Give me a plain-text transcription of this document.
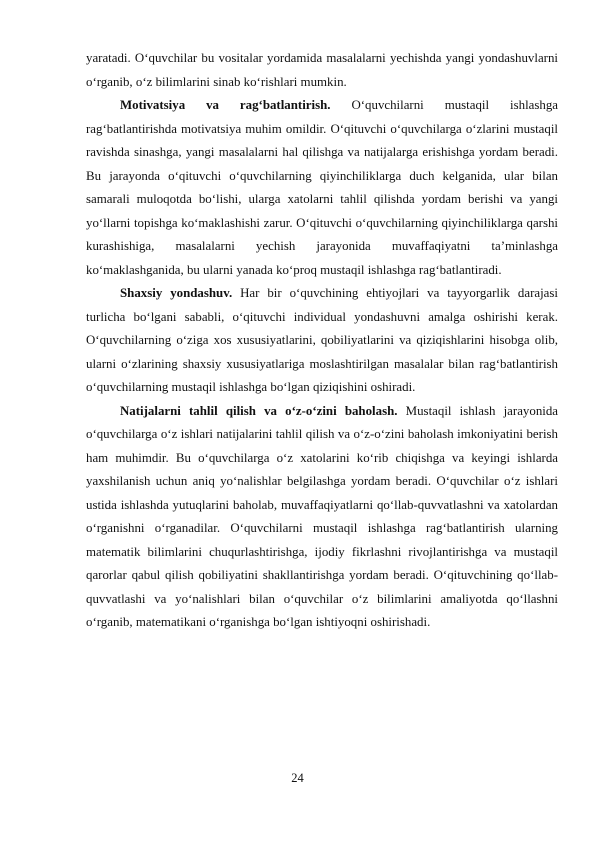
yaratadi. O‘quvchilar bu vositalar yordamida masalalarni yechishda yangi yondashuvlarni o‘rganib, o‘z bilimlarini sinab ko‘rishlari mumkin.

Motivatsiya va rag‘batlantirish. O‘quvchilarni mustaqil ishlashga rag‘batlantirishda motivatsiya muhim omildir. O‘qituvchi o‘quvchilarga o‘zlarini mustaqil ravishda sinashga, yangi masalalarni hal qilishga va natijalarga erishishga yordam beradi. Bu jarayonda o‘qituvchi o‘quvchilarning qiyinchiliklarga duch kelganida, ular bilan samarali muloqotda bo‘lishi, ularga xatolarni tahlil qilishda yordam berishi va yangi yo‘llarni topishga ko‘maklashishi zarur. O‘qituvchi o‘quvchilarning qiyinchiliklarga qarshi kurashishiga, masalalarni yechish jarayonida muvaffaqiyatni ta’minlashga ko‘maklashganida, bu ularni yanada ko‘proq mustaqil ishlashga rag‘batlantiradi.

Shaxsiy yondashuv. Har bir o‘quvchining ehtiyojlari va tayyorgarlik darajasi turlicha bo‘lgani sababli, o‘qituvchi individual yondashuvni amalga oshirishi kerak. O‘quvchilarning o‘ziga xos xususiyatlarini, qobiliyatlarini va qiziqishlarini hisobga olib, ularni o‘zlarining shaxsiy xususiyatlariga moslashtirilgan masalalar bilan rag‘batlantirish o‘quvchilarning mustaqil ishlashga bo‘lgan qiziqishini oshiradi.

Natijalarni tahlil qilish va o‘z-o‘zini baholash. Mustaqil ishlash jarayonida o‘quvchilarga o‘z ishlari natijalarini tahlil qilish va o‘z-o‘zini baholash imkoniyatini berish ham muhimdir. Bu o‘quvchilarga o‘z xatolarini ko‘rib chiqishga va keyingi ishlarda yaxshilanish uchun aniq yo‘nalishlar belgilashga yordam beradi. O‘quvchilar o‘z ishlari ustida ishlashda yutuqlarini baholab, muvaffaqiyatlarni qo‘llab-quvvatlashni va xatolardan o‘rganishni o‘rganadilar. O‘quvchilarni mustaqil ishlashga rag‘batlantirish ularning matematik bilimlarini chuqurlashtirishga, ijodiy fikrlashni rivojlantirishga va mustaqil qarorlar qabul qilish qobiliyatini shakllantirishga yordam beradi. O‘qituvchining qo‘llab-quvvatlashi va yo‘nalishlari bilan o‘quvchilar o‘z bilimlarini amaliyotda qo‘llashni o‘rganib, matematikani o‘rganishga bo‘lgan ishtiyoqni oshirishadi.

24
